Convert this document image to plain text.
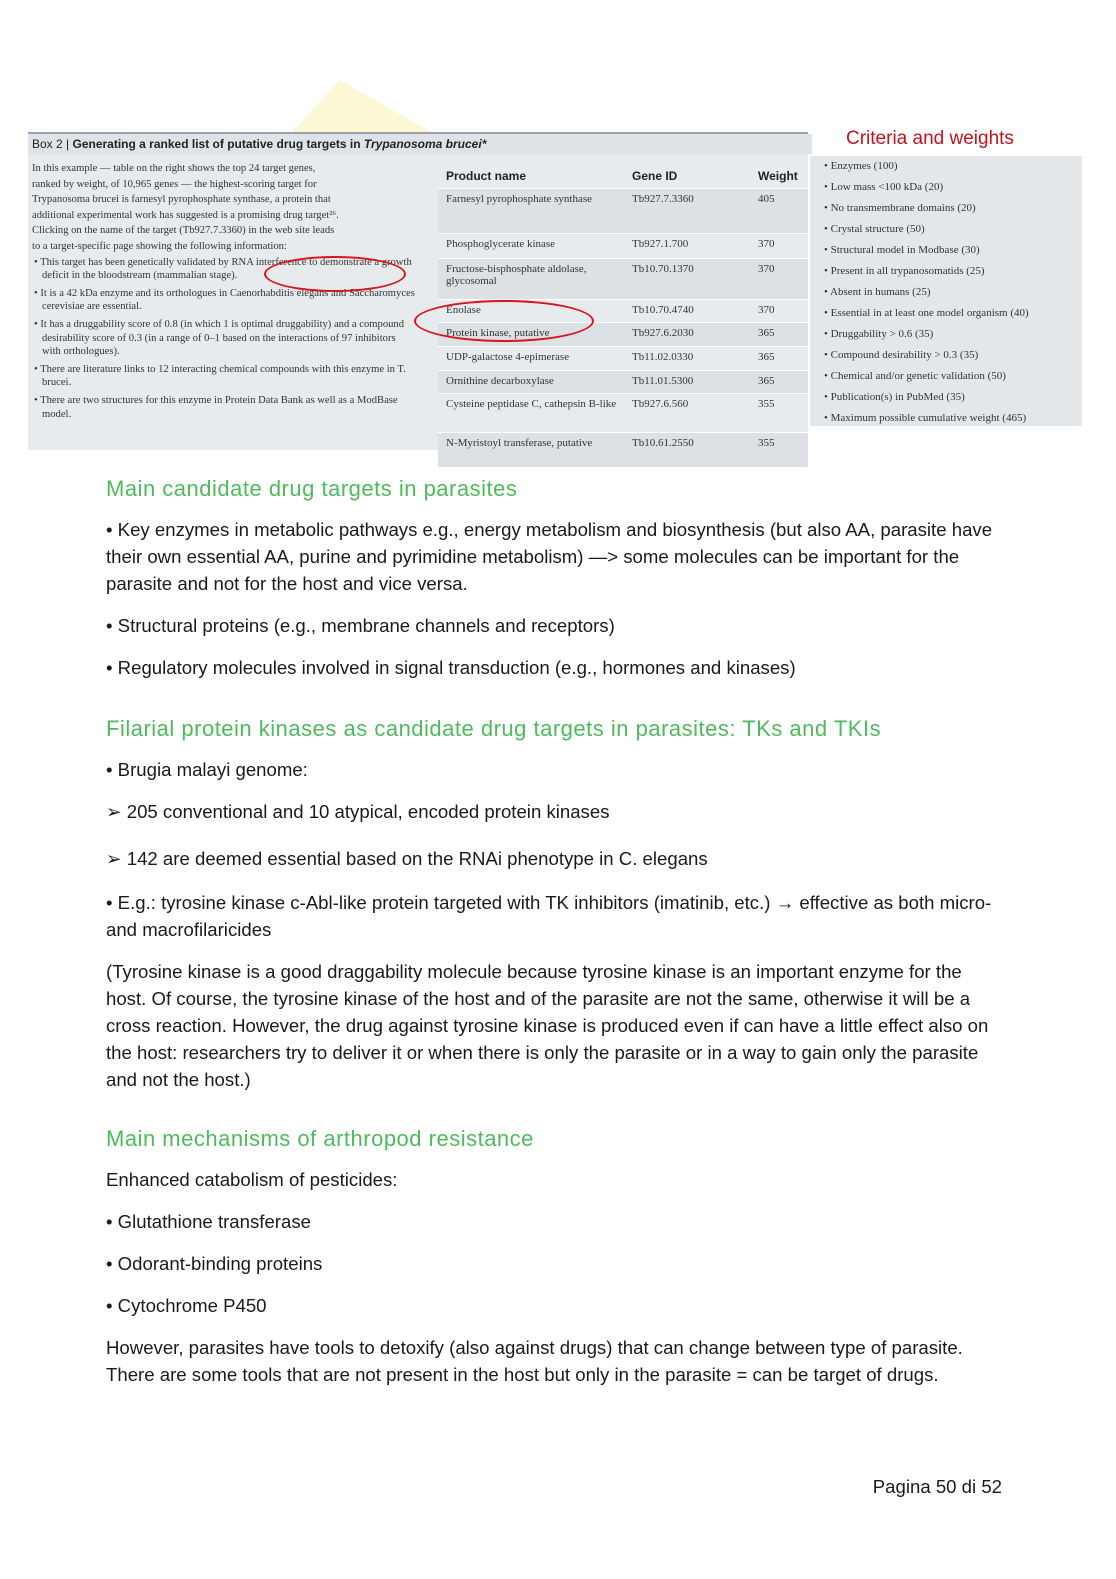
Box 2 | Generating a ranked list of putative drug targets in Trypanosoma brucei*

In this example — table on the right shows the top 24 target genes,

ranked by weight, of 10,965 genes — the highest-scoring target for

Trypanosoma brucei is farnesyl pyrophosphate synthase, a protein that

additional experimental work has suggested is a promising drug target²⁶.

Clicking on the name of the target (Tb927.7.3360) in the web site leads

to a target-specific page showing the following information:

• This target has been genetically validated by RNA interference to demonstrate a growth deficit in the bloodstream (mammalian stage).

• It is a 42 kDa enzyme and its orthologues in Caenorhabditis elegans and Saccharomyces cerevisiae are essential.

• It has a druggability score of 0.8 (in which 1 is optimal druggability) and a compound desirability score of 0.3 (in a range of 0–1 based on the interactions of 97 inhibitors with orthologues).

• There are literature links to 12 interacting chemical compounds with this enzyme in T. brucei.

• There are two structures for this enzyme in Protein Data Bank as well as a ModBase model.

Product name	Gene ID	Weight
Farnesyl pyrophosphate synthase	Tb927.7.3360	405
Phosphoglycerate kinase	Tb927.1.700	370
Fructose-bisphosphate aldolase, glycosomal
Tb10.70.1370	370
Enolase	Tb10.70.4740	370
Protein kinase, putative	Tb927.6.2030	365
UDP-galactose 4-epimerase	Tb11.02.0330	365
Ornithine decarboxylase	Tb11.01.5300	365
Cysteine peptidase C, cathepsin B-like	Tb927.6.560	355
N-Myristoyl transferase, putative	Tb10.61.2550	355
Criteria and weights
• Enzymes (100)
• Low mass <100 kDa (20)
• No transmembrane domains (20)
• Crystal structure (50)
• Structural model in Modbase (30)
• Present in all trypanosomatids (25)
• Absent in humans (25)
• Essential in at least one model organism (40)
• Druggability > 0.6 (35)
• Compound desirability > 0.3 (35)
• Chemical and/or genetic validation (50)
• Publication(s) in PubMed (35)
• Maximum possible cumulative weight (465)
Main candidate drug targets in parasites

• Key enzymes in metabolic pathways e.g., energy metabolism and biosynthesis (but also AA, parasite have their own essential AA, purine and pyrimidine metabolism) —> some molecules can be important for the parasite and not for the host and vice versa.

• Structural proteins (e.g., membrane channels and receptors)

• Regulatory molecules involved in signal transduction (e.g., hormones and kinases)

Filarial protein kinases as candidate drug targets in parasites: TKs and TKIs

• Brugia malayi genome:

➢ 205 conventional and 10 atypical, encoded protein kinases

➢ 142 are deemed essential based on the RNAi phenotype in C. elegans

• E.g.: tyrosine kinase c-Abl-like protein targeted with TK inhibitors (imatinib, etc.) → effective as both micro- and macrofilaricides

(Tyrosine kinase is a good draggability molecule because tyrosine kinase is an important enzyme for the host. Of course, the tyrosine kinase of the host and of the parasite are not the same, otherwise it will be a cross reaction. However, the drug against tyrosine kinase is produced even if can have a little effect also on the host: researchers try to deliver it or when there is only the parasite or in a way to gain only the parasite and not the host.)

Main mechanisms of arthropod resistance

Enhanced catabolism of pesticides:

• Glutathione transferase

• Odorant-binding proteins

• Cytochrome P450

However, parasites have tools to detoxify (also against drugs) that can change between type of parasite. There are some tools that are not present in the host but only in the parasite = can be target of drugs.

Pagina 50 di 52
